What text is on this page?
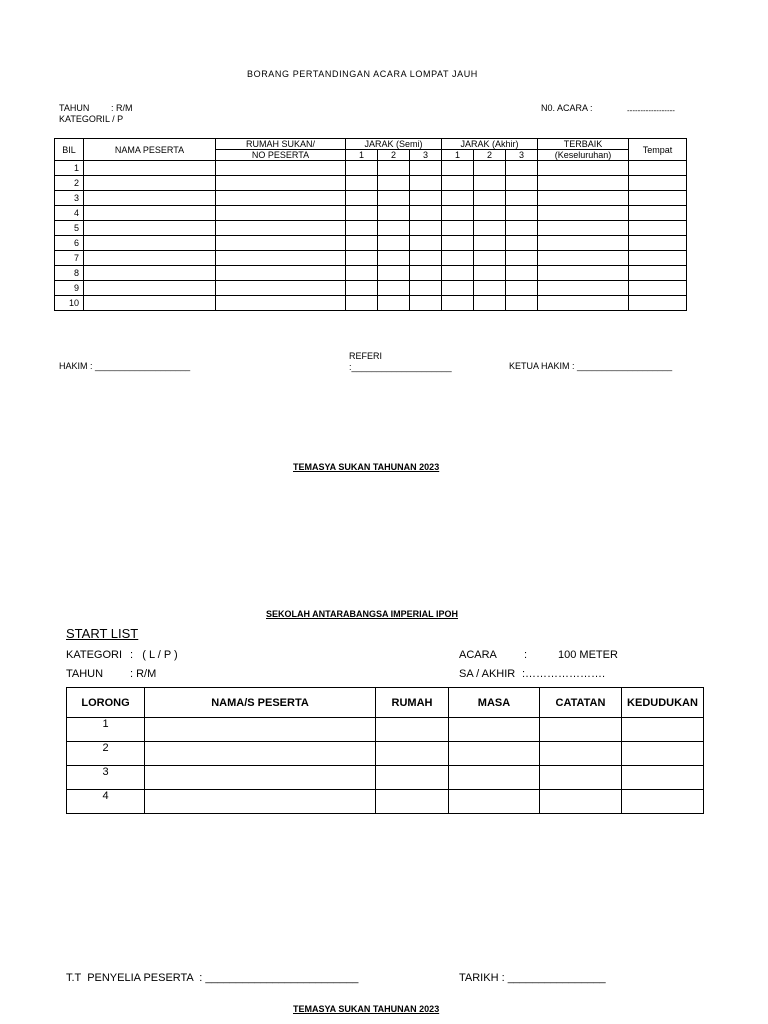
BORANG PERTANDINGAN ACARA LOMPAT JAUH
TAHUN : R/M
KATEGORI
: L / P
N0. ACARA :	------------------
BIL	NAMA PESERTA	RUMAH SUKAN/	JARAK (Semi)			JARAK (Akhir)			TERBAIK	Tempat
		NO PESERTA	1	2	3	1	2	3	(Keseluruhan)	
1										
2										
3										
4										
5										
6										
7										
8										
9										
10										
HAKIM : ___________________
REFERI
:____________________	KETUA HAKIM : ___________________
TEMASYA SUKAN TAHUNAN 2023
SEKOLAH ANTARABANGSA IMPERIAL IPOH
START LIST
KATEGORI :   ( L / P )
TAHUN : R/M
ACARA :	100 METER
SA / AKHIR :………………….
LORONG	NAMA/S PESERTA	RUMAH	MASA	CATATAN	KEDUDUKAN
1					
2					
3					
4					
T.T  PENYELIA PESERTA  : _________________________	TARIKH : ________________
TEMASYA SUKAN TAHUNAN 2023
